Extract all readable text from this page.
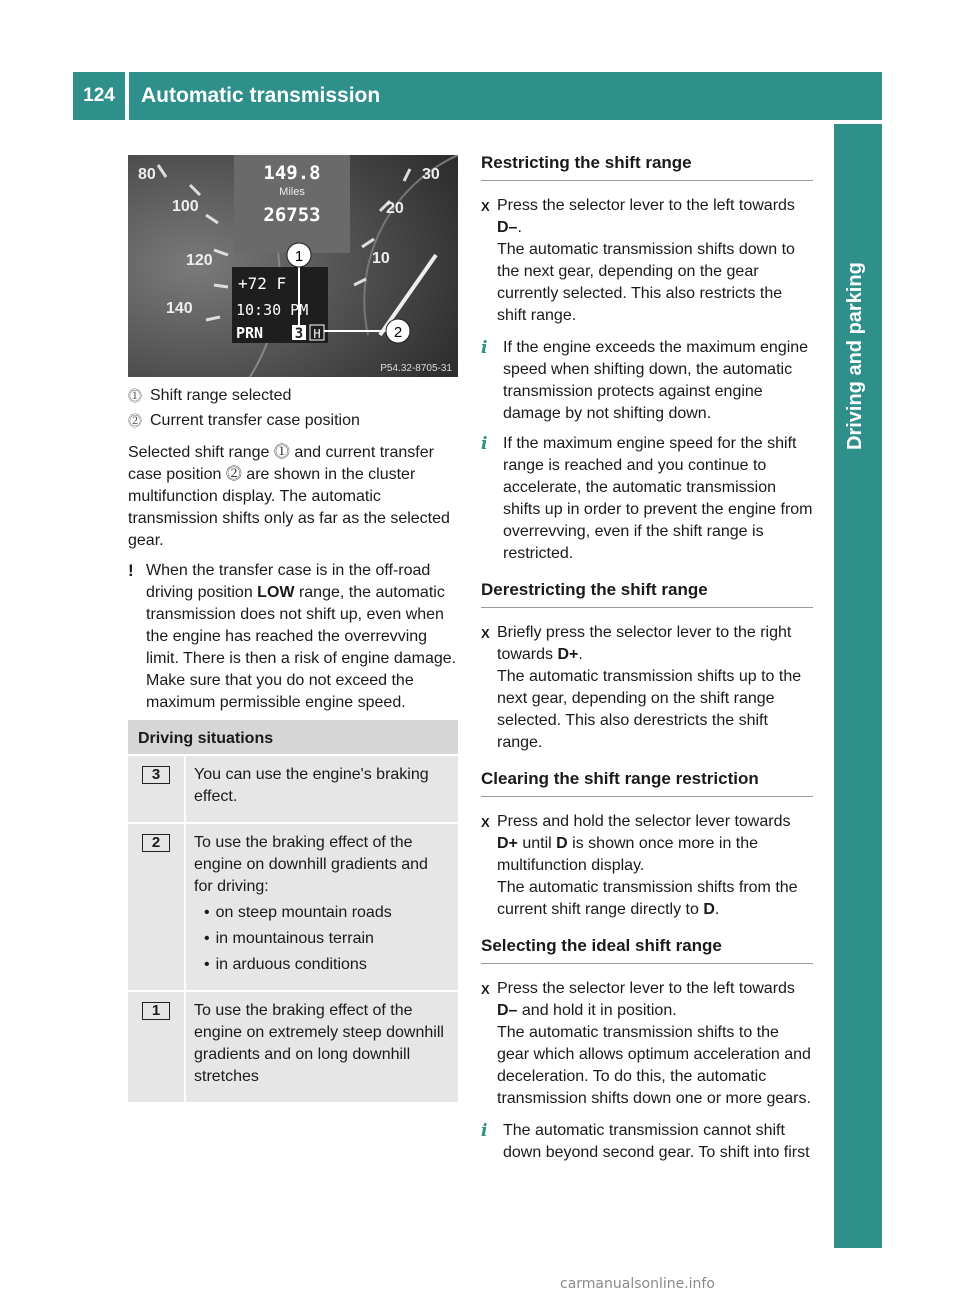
124	Automatic transmission
Driving and parking
80
100
120
140
30
20
10
149.8
Miles
26753
+72 F
10:30 PM
PRN 3 H
1
2
P54.32-8705-31
⓵ Shift range selected
⓶ Current transfer case position

Selected shift range ⓵ and current transfer case position ⓶ are shown in the cluster multifunction display. The automatic transmission shifts only as far as the selected gear.

! When the transfer case is in the off-road driving position LOW range, the automatic transmission does not shift up, even when the engine has reached the overrevving limit. There is then a risk of engine damage. Make sure that you do not exceed the maximum permissible engine speed.
Driving situations
3	You can use the engine's braking effect.
2	To use the braking effect of the engine on downhill gradients and for driving:
• on steep mountain roads
• in mountainous terrain
• in arduous conditions
1	To use the braking effect of the engine on extremely steep downhill gradients and on long downhill stretches
Restricting the shift range
X Press the selector lever to the left towards D–.
The automatic transmission shifts down to the next gear, depending on the gear currently selected. This also restricts the shift range.
i If the engine exceeds the maximum engine speed when shifting down, the automatic transmission protects against engine damage by not shifting down.
i If the maximum engine speed for the shift range is reached and you continue to accelerate, the automatic transmission shifts up in order to prevent the engine from overrevving, even if the shift range is restricted.
Derestricting the shift range
X Briefly press the selector lever to the right towards D+.
The automatic transmission shifts up to the next gear, depending on the shift range selected. This also derestricts the shift range.
Clearing the shift range restriction
X Press and hold the selector lever towards D+ until D is shown once more in the multifunction display.
The automatic transmission shifts from the current shift range directly to D.
Selecting the ideal shift range
X Press the selector lever to the left towards D– and hold it in position.
The automatic transmission shifts to the gear which allows optimum acceleration and deceleration. To do this, the automatic transmission shifts down one or more gears.
i The automatic transmission cannot shift down beyond second gear. To shift into first
carmanualsonline.info
